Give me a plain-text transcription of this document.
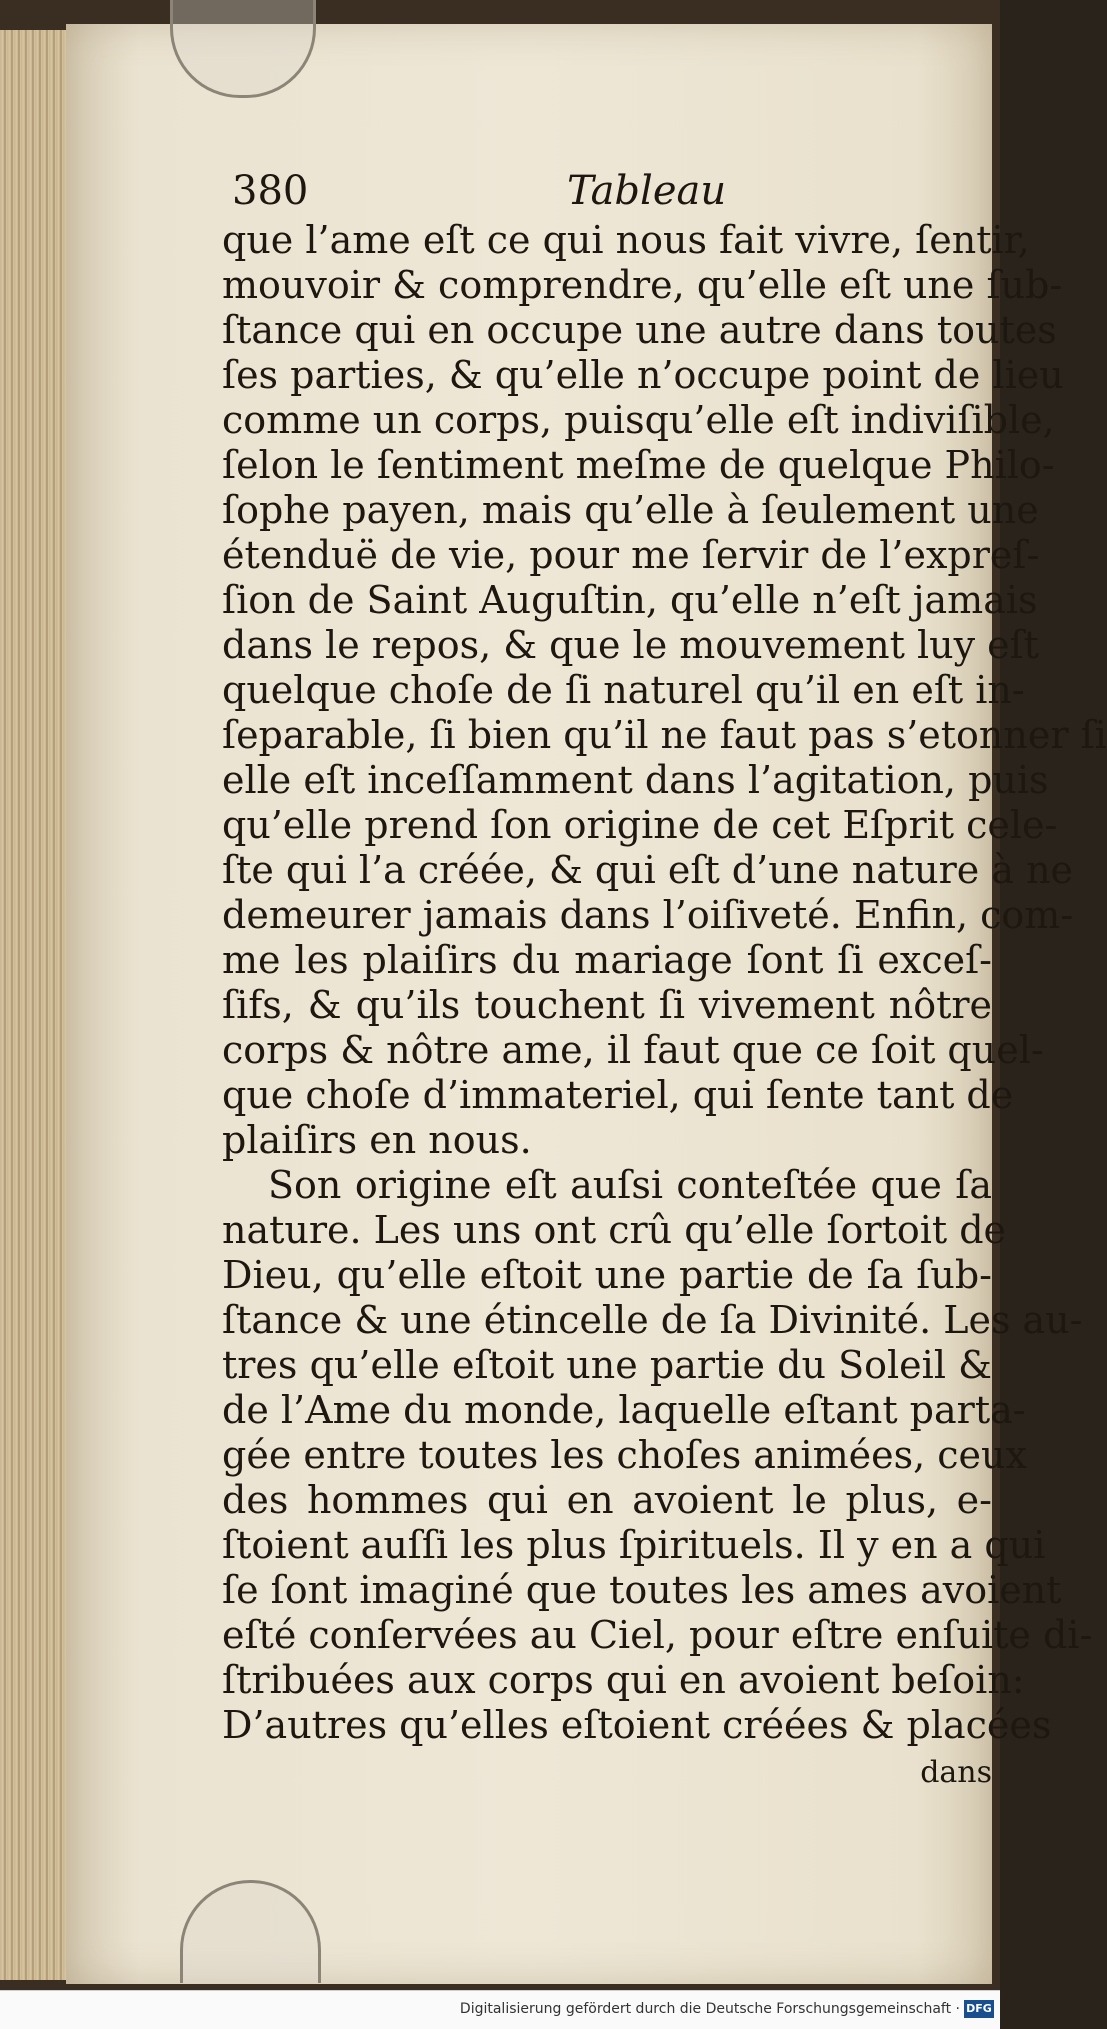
380	Tableau
que l’ame eſt ce qui nous fait vivre, ſentir,
mouvoir & comprendre, qu’elle eſt une ſub-
ſtance qui en occupe une autre dans toutes
ſes parties, & qu’elle n’occupe point de lieu
comme un corps, puisqu’elle eſt indiviſible,
ſelon le ſentiment meſme de quelque Philo-
ſophe payen, mais qu’elle à ſeulement une
étenduë de vie, pour me ſervir de l’expreſ-
ſion de Saint Auguſtin, qu’elle n’eſt jamais
dans le repos, & que le mouvement luy eſt
quelque choſe de ſi naturel qu’il en eſt in-
ſeparable, ſi bien qu’il ne faut pas s’etonner ſi
elle eſt inceſſamment dans l’agitation, puis
qu’elle prend ſon origine de cet Eſprit cele-
ſte qui l’a créée, & qui eſt d’une nature à ne
demeurer jamais dans l’oiſiveté. Enfin, com-
me les plaiſirs du mariage ſont ſi exceſ-
ſifs, & qu’ils touchent ſi vivement nôtre
corps & nôtre ame, il faut que ce ſoit quel-
que choſe d’immateriel, qui ſente tant de
plaiſirs en nous.
Son origine eſt auſsi conteſtée que ſa
nature. Les uns ont crû qu’elle ſortoit de
Dieu, qu’elle eſtoit une partie de ſa ſub-
ſtance & une étincelle de ſa Divinité. Les au-
tres qu’elle eſtoit une partie du Soleil &
de l’Ame du monde, laquelle eſtant parta-
gée entre toutes les choſes animées, ceux
des hommes qui en avoient le plus, e-
ſtoient auſſi les plus ſpirituels. Il y en a qui
ſe ſont imaginé que toutes les ames avoient
eſté conſervées au Ciel, pour eſtre enſuite di-
ſtribuées aux corps qui en avoient beſoin:
D’autres qu’elles eſtoient créées & placées
dans
Digitalisierung gefördert durch die Deutsche Forschungsgemeinschaft · DFG
